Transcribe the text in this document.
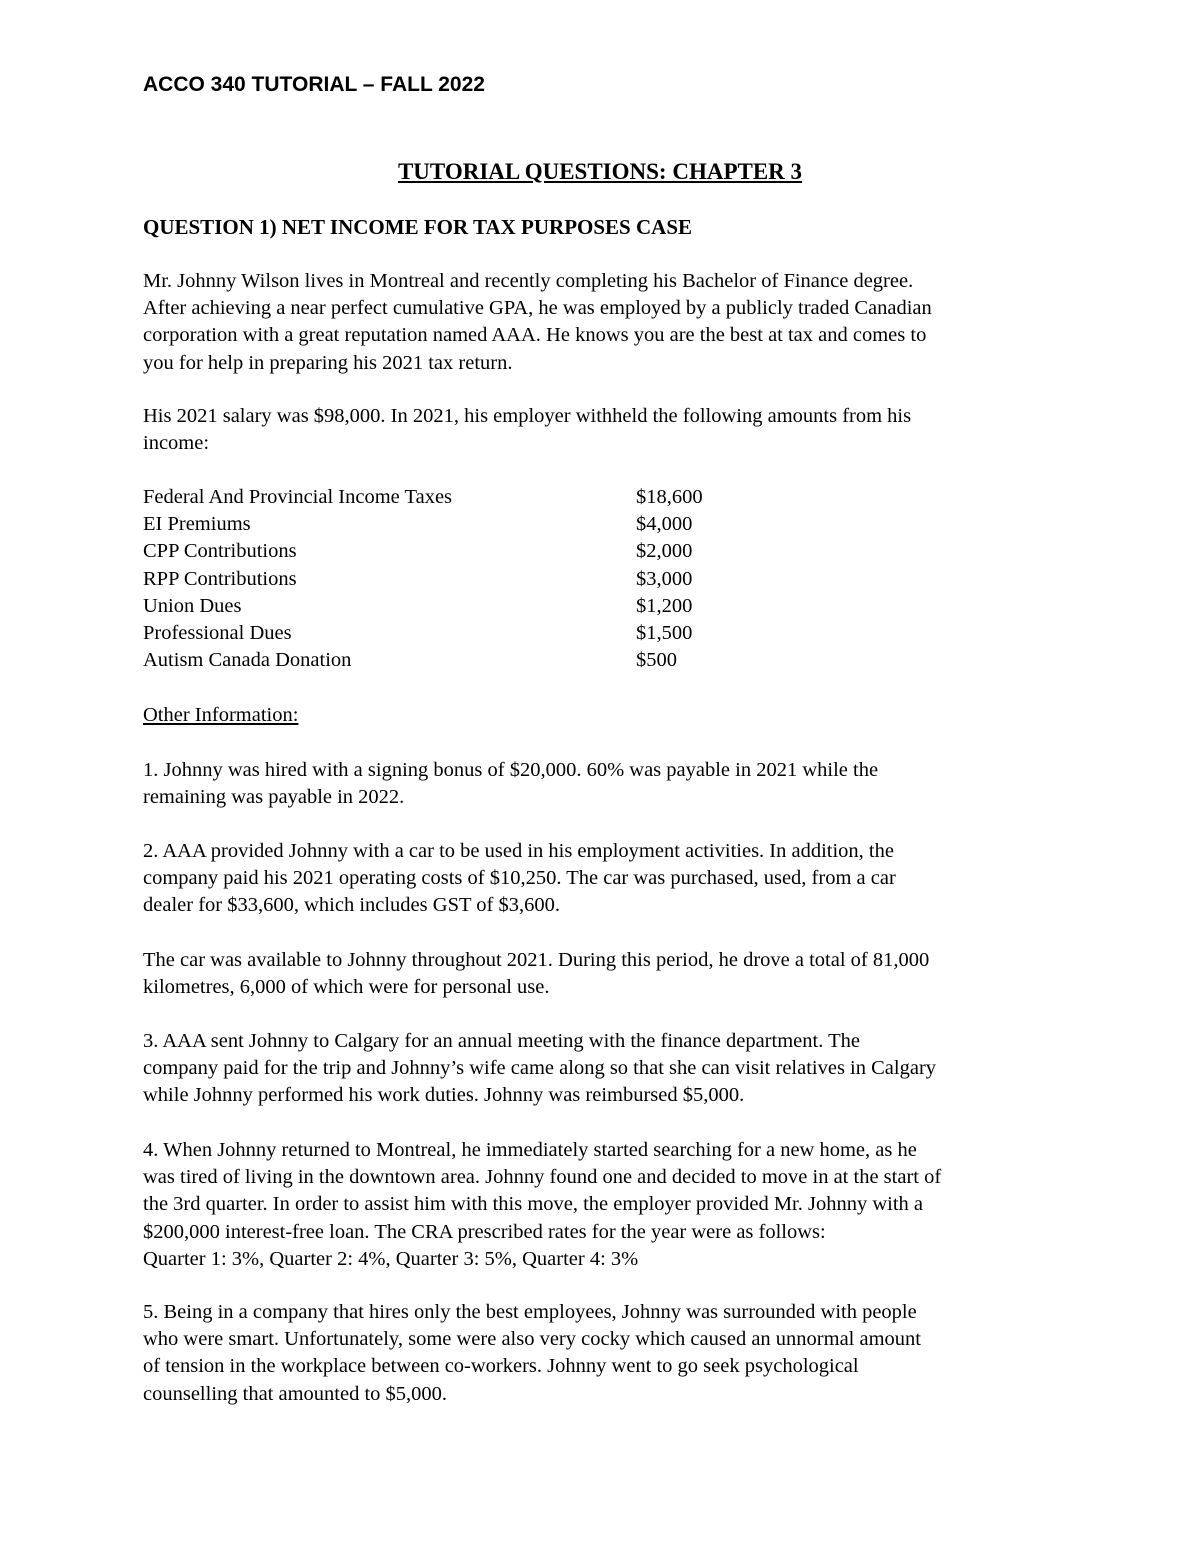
ACCO 340 TUTORIAL – FALL 2022
TUTORIAL QUESTIONS: CHAPTER 3
QUESTION 1) NET INCOME FOR TAX PURPOSES CASE
Mr. Johnny Wilson lives in Montreal and recently completing his Bachelor of Finance degree.
After achieving a near perfect cumulative GPA, he was employed by a publicly traded Canadian
corporation with a great reputation named AAA. He knows you are the best at tax and comes to
you for help in preparing his 2021 tax return.
His 2021 salary was $98,000. In 2021, his employer withheld the following amounts from his
income:
Federal And Provincial Income Taxes	$18,600
EI Premiums	$4,000
CPP Contributions	$2,000
RPP Contributions	$3,000
Union Dues	$1,200
Professional Dues	$1,500
Autism Canada Donation	$500
Other Information:
1. Johnny was hired with a signing bonus of $20,000. 60% was payable in 2021 while the
remaining was payable in 2022.
2. AAA provided Johnny with a car to be used in his employment activities. In addition, the
company paid his 2021 operating costs of $10,250. The car was purchased, used, from a car
dealer for $33,600, which includes GST of $3,600.
The car was available to Johnny throughout 2021. During this period, he drove a total of 81,000
kilometres, 6,000 of which were for personal use.
3. AAA sent Johnny to Calgary for an annual meeting with the finance department. The
company paid for the trip and Johnny’s wife came along so that she can visit relatives in Calgary
while Johnny performed his work duties. Johnny was reimbursed $5,000.
4. When Johnny returned to Montreal, he immediately started searching for a new home, as he
was tired of living in the downtown area. Johnny found one and decided to move in at the start of
the 3rd quarter. In order to assist him with this move, the employer provided Mr. Johnny with a
$200,000 interest-free loan. The CRA prescribed rates for the year were as follows:
Quarter 1: 3%, Quarter 2: 4%, Quarter 3: 5%, Quarter 4: 3%
5. Being in a company that hires only the best employees, Johnny was surrounded with people
who were smart. Unfortunately, some were also very cocky which caused an unnormal amount
of tension in the workplace between co-workers. Johnny went to go seek psychological
counselling that amounted to $5,000.
